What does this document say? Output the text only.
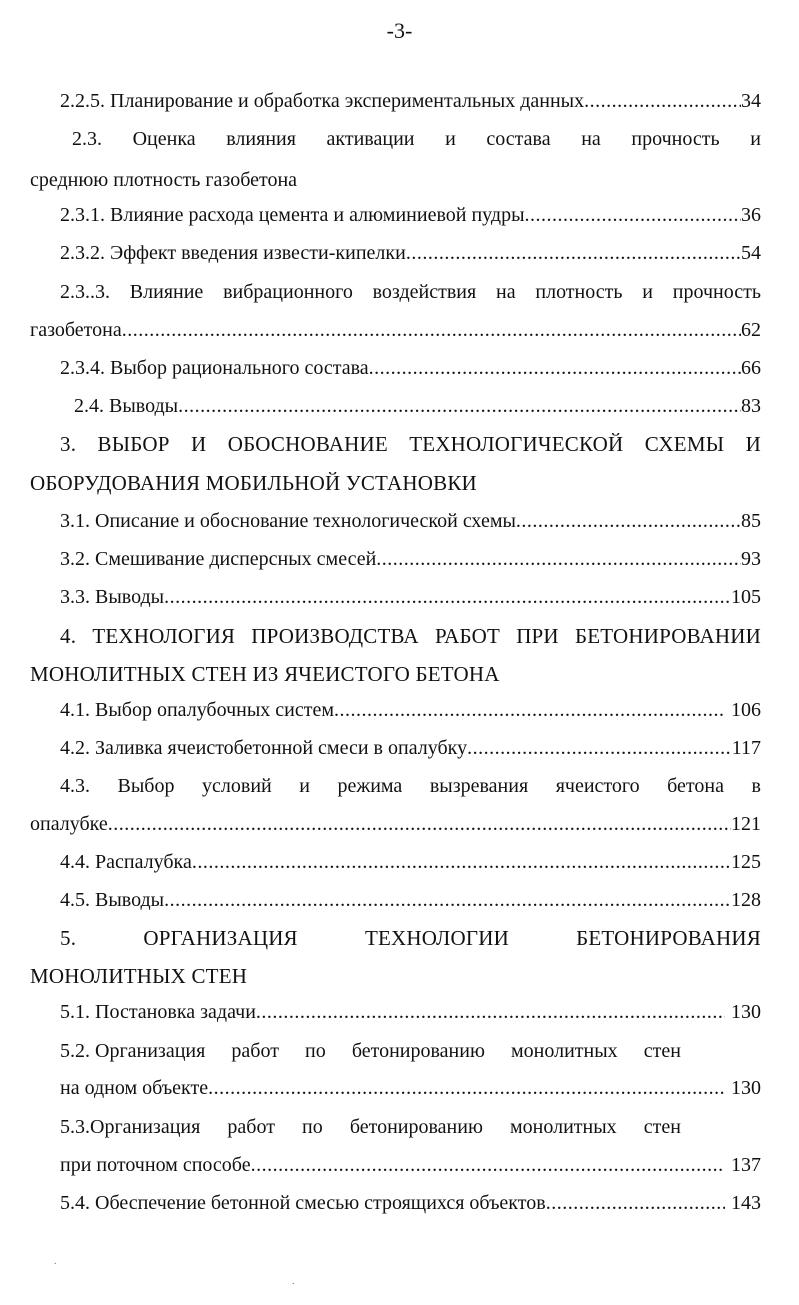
-3-
2.2.5. Планирование и обработка экспериментальных данных .....	34
2.3. Оценка влияния активации и состава на прочность и
среднюю плотность газобетона
2.3.1. Влияние расхода цемента и алюминиевой пудры .....	36
2.3.2. Эффект введения извести-кипелки .....	54
2.3..3. Влияние вибрационного воздействия на плотность и прочность
газобетона .....	62
2.3.4. Выбор рационального состава .....	66
2.4. Выводы .....	83
3. ВЫБОР И ОБОСНОВАНИЕ ТЕХНОЛОГИЧЕСКОЙ СХЕМЫ И
ОБОРУДОВАНИЯ МОБИЛЬНОЙ УСТАНОВКИ
3.1. Описание и обоснование технологической схемы .....	85
3.2. Смешивание дисперсных смесей .....	93
3.3. Выводы .....	105
4. ТЕХНОЛОГИЯ ПРОИЗВОДСТВА РАБОТ ПРИ БЕТОНИРОВАНИИ
МОНОЛИТНЫХ СТЕН ИЗ ЯЧЕИСТОГО БЕТОНА
4.1. Выбор опалубочных систем .....	106
4.2. Заливка ячеистобетонной смеси в опалубку .....	117
4.3. Выбор условий и режима вызревания ячеистого бетона в
опалубке .....	121
4.4. Распалубка .....	125
4.5. Выводы .....	128
5.	ОРГАНИЗАЦИЯ	ТЕХНОЛОГИИ	БЕТОНИРОВАНИЯ
МОНОЛИТНЫХ СТЕН
5.1. Постановка задачи .....	130
5.2. Организация работ по бетонированию монолитных стен
на одном объекте .....	130
5.3.Организация работ по бетонированию монолитных стен
при поточном способе .....	137
5.4. Обеспечение бетонной смесью строящихся объектов .....	143
.
.
